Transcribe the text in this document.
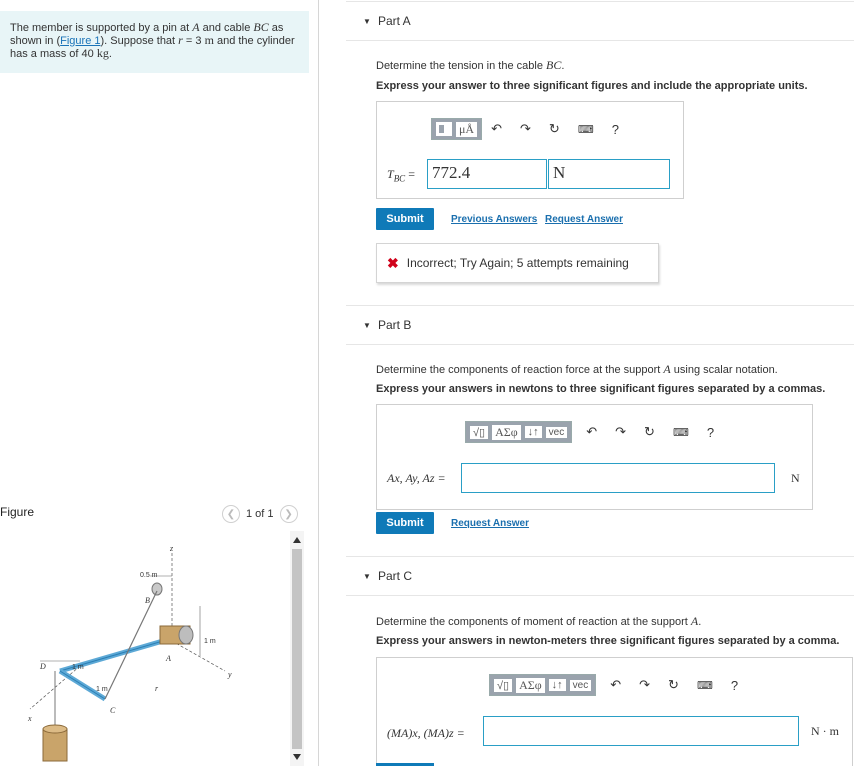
The member is supported by a pin at A and cable BC as shown in (Figure 1). Suppose that r = 3 m and the cylinder has a mass of 40 kg.
Figure	❮ 1 of 1 ❯
z
0.5 m
B
1 m
A
D	1 m
1 m
C
x
y
r
▼ Part A
Determine the tension in the cable BC.
Express your answer to three significant figures and include the appropriate units.
μÅ ↶ ↷ ↻ ⌨ ?
$T_{BC} = 772.4$	N
Submit	Previous Answers Request Answer
✖ Incorrect; Try Again; 5 attempts remaining
▼ Part B
Determine the components of reaction force at the support A using scalar notation.
Express your answers in newtons to three significant figures separated by a commas.
√▯ ΑΣφ ↓↑	vec ↶ ↷ ↻ ⌨ ?
Ax, Ay, Az =	N
Submit	Request Answer
▼ Part C
Determine the components of moment of reaction at the support A.
Express your answers in newton-meters three significant figures separated by a comma.
√▯ ΑΣφ ↓↑	vec ↶ ↷ ↻ ⌨ ?
(MA)x, (MA)z =	N · m
